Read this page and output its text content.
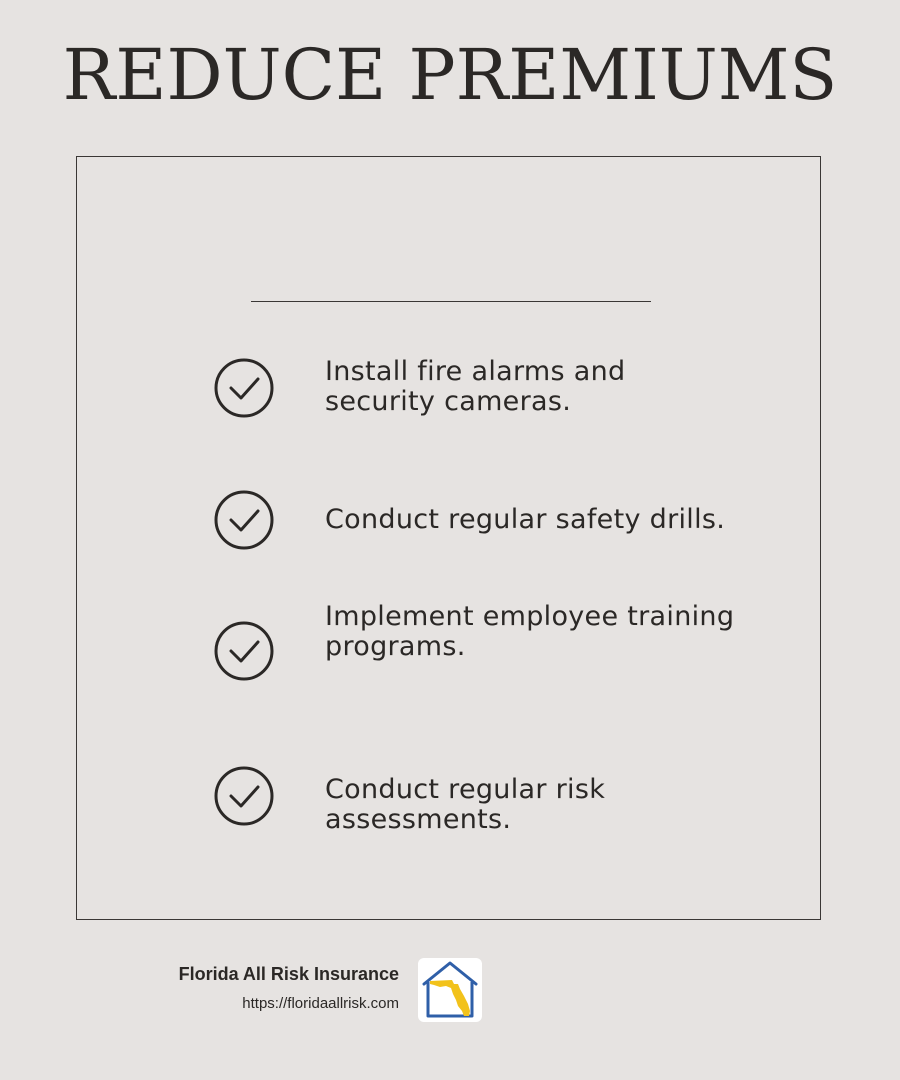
REDUCE PREMIUMS
Install fire alarms and
security cameras.
Conduct regular safety drills.
Implement employee training
programs.
Conduct regular risk
assessments.
Florida All Risk Insurance
https://floridaallrisk.com
